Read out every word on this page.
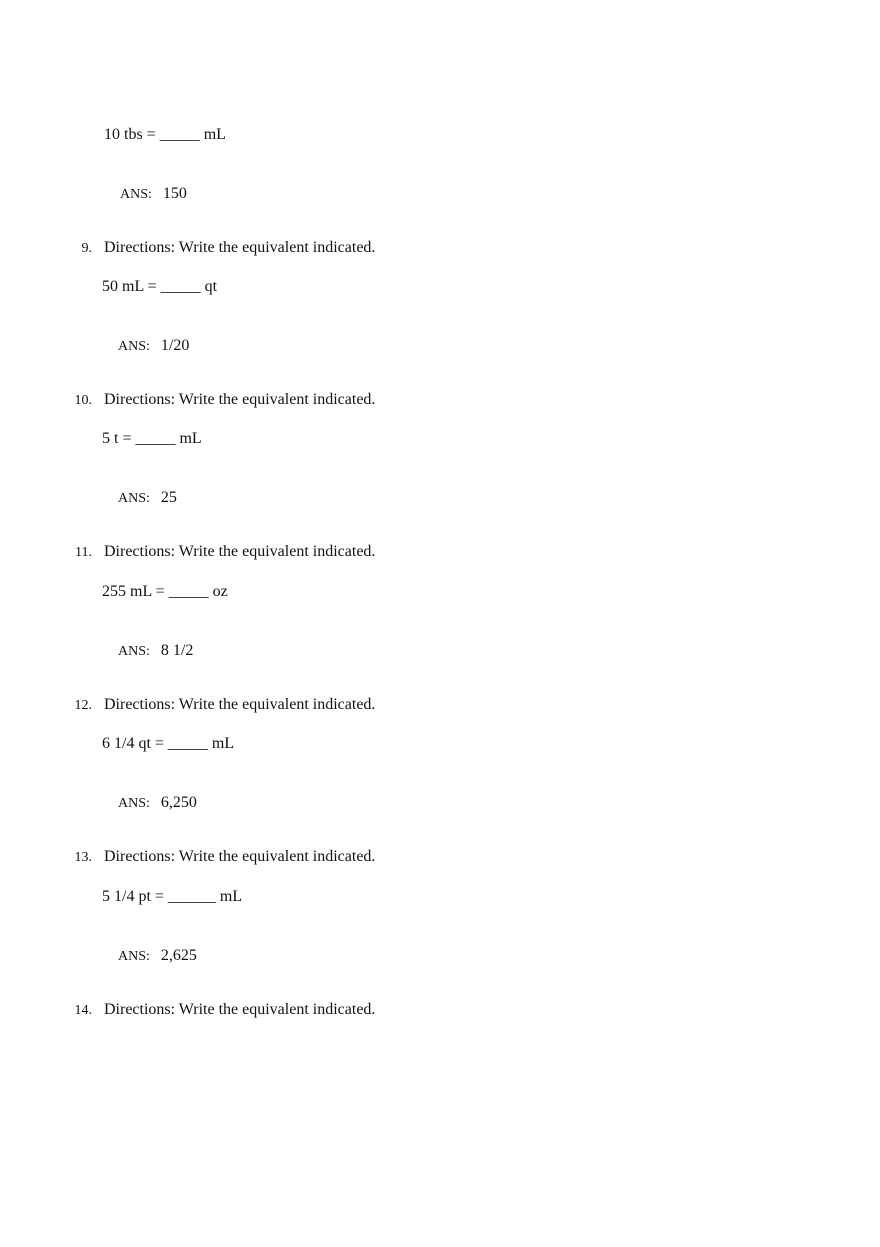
10 tbs = _____ mL

ANS: 150

9. Directions: Write the equivalent indicated.
50 mL = _____ qt

ANS: 1/20

10. Directions: Write the equivalent indicated.
5 t = _____ mL

ANS: 25

11. Directions: Write the equivalent indicated.
255 mL = _____ oz

ANS: 8 1/2

12. Directions: Write the equivalent indicated.
6 1/4 qt = _____ mL

ANS: 6,250

13. Directions: Write the equivalent indicated.
5 1/4 pt = ______ mL

ANS: 2,625

14. Directions: Write the equivalent indicated.
